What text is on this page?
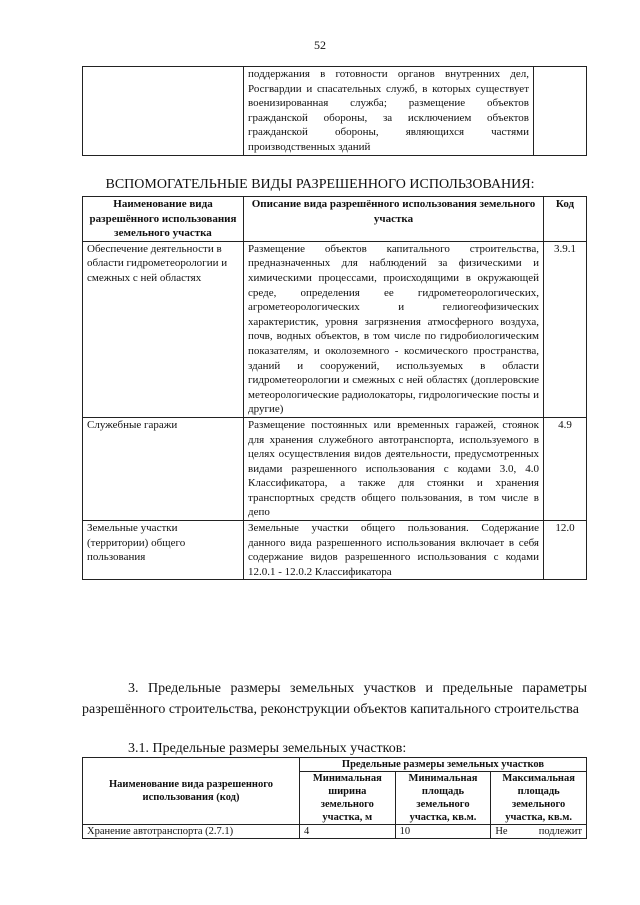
52
	поддержания в готовности органов внутренних дел, Росгвардии и спасательных служб, в которых существует военизированная служба; размещение объектов гражданской обороны, за исключением объектов гражданской обороны, являющихся частями производственных зданий	
ВСПОМОГАТЕЛЬНЫЕ ВИДЫ РАЗРЕШЕННОГО ИСПОЛЬЗОВАНИЯ:
Наименование вида разрешённого использования земельного участка	Описание вида разрешённого использования земельного участка	Код
Обеспечение деятельности в области гидрометеорологии и смежных с ней областях	Размещение объектов капитального строительства, предназначенных для наблюдений за физическими и химическими процессами, происходящими в окружающей среде, определения ее гидрометеорологических, агрометеорологических и гелиогеофизических характеристик, уровня загрязнения атмосферного воздуха, почв, водных объектов, в том числе по гидробиологическим показателям, и околоземного - космического пространства, зданий и сооружений, используемых в области гидрометеорологии и смежных с ней областях (доплеровские метеорологические радиолокаторы, гидрологические посты и другие)	3.9.1
Служебные гаражи	Размещение постоянных или временных гаражей, стоянок для хранения служебного автотранспорта, используемого в целях осуществления видов деятельности, предусмотренных видами разрешенного использования с кодами 3.0, 4.0 Классификатора, а также для стоянки и хранения транспортных средств общего пользования, в том числе в депо	4.9
Земельные участки (территории) общего пользования	Земельные участки общего пользования. Содержание данного вида разрешенного использования включает в себя содержание видов разрешенного использования с кодами 12.0.1 - 12.0.2 Классификатора	12.0
3. Предельные размеры земельных участков и предельные параметры разрешённого строительства, реконструкции объектов капитального строительства
3.1. Предельные размеры земельных участков:
Наименование вида разрешенного использования (код)	Предельные размеры земельных участков		
	Минимальная ширина земельного участка, м	Минимальная площадь земельного участка, кв.м.	Максимальная площадь земельного участка, кв.м.
Хранение автотранспорта (2.7.1)	4	10	Не подлежит
